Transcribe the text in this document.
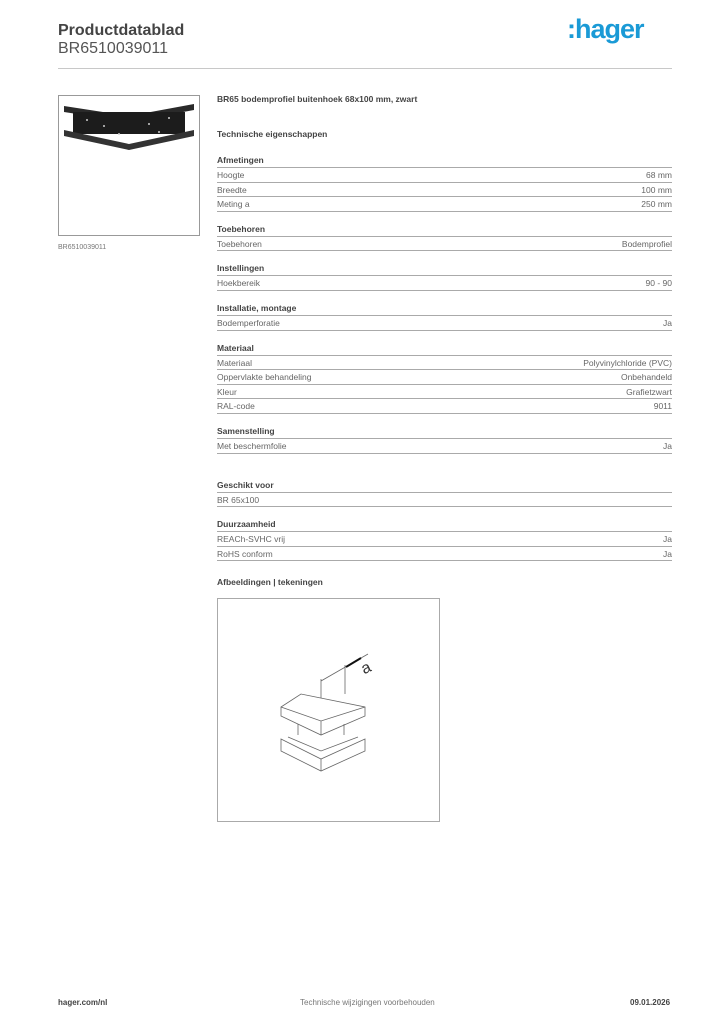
Productdatablad
BR6510039011
:hager
BR6510039011
BR65 bodemprofiel buitenhoek 68x100 mm, zwart
Technische eigenschappen
Afmetingen
Hoogte	68 mm
Breedte	100 mm
Meting a	250 mm
Toebehoren
Toebehoren	Bodemprofiel
Instellingen
Hoekbereik	90 - 90
Installatie, montage
Bodemperforatie	Ja
Materiaal
Materiaal	Polyvinylchloride (PVC)
Oppervlakte behandeling	Onbehandeld
Kleur	Grafietzwart
RAL-code	9011
Samenstelling
Met beschermfolie	Ja
Geschikt voor
BR 65x100
Duurzaamheid
REACh-SVHC vrij	Ja
RoHS conform	Ja
Afbeeldingen | tekeningen
a
hager.com/nl	Technische wijzigingen voorbehouden	09.01.2026
